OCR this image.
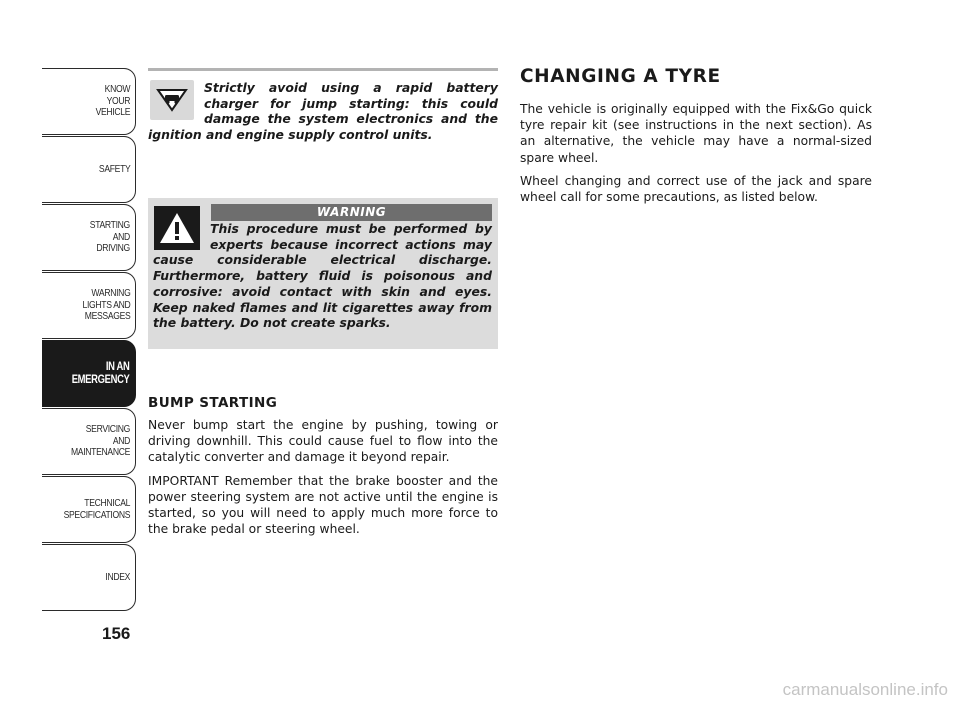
KNOW
YOUR
VEHICLE
SAFETY
STARTING
AND
DRIVING
WARNING
LIGHTS AND
MESSAGES
IN AN
EMERGENCY
SERVICING
AND
MAINTENANCE
TECHNICAL
SPECIFICATIONS
INDEX
156
Strictly avoid using a rapid battery charger for jump starting: this could damage the system electronics and the ignition and engine supply control units.
WARNING
This procedure must be performed by experts because incorrect actions may cause considerable electrical discharge. Furthermore, battery fluid is poisonous and corrosive: avoid contact with skin and eyes. Keep naked flames and lit cigarettes away from the battery. Do not create sparks.
BUMP STARTING

Never bump start the engine by pushing, towing or driving downhill. This could cause fuel to flow into the catalytic converter and damage it beyond repair.

IMPORTANT Remember that the brake booster and the power steering system are not active until the engine is started, so you will need to apply much more force to the brake pedal or steering wheel.

CHANGING A TYRE

The vehicle is originally equipped with the Fix&Go quick tyre repair kit (see instructions in the next section). As an alternative, the vehicle may have a normal-sized spare wheel.

Wheel changing and correct use of the jack and spare wheel call for some precautions, as listed below.

carmanualsonline.info
